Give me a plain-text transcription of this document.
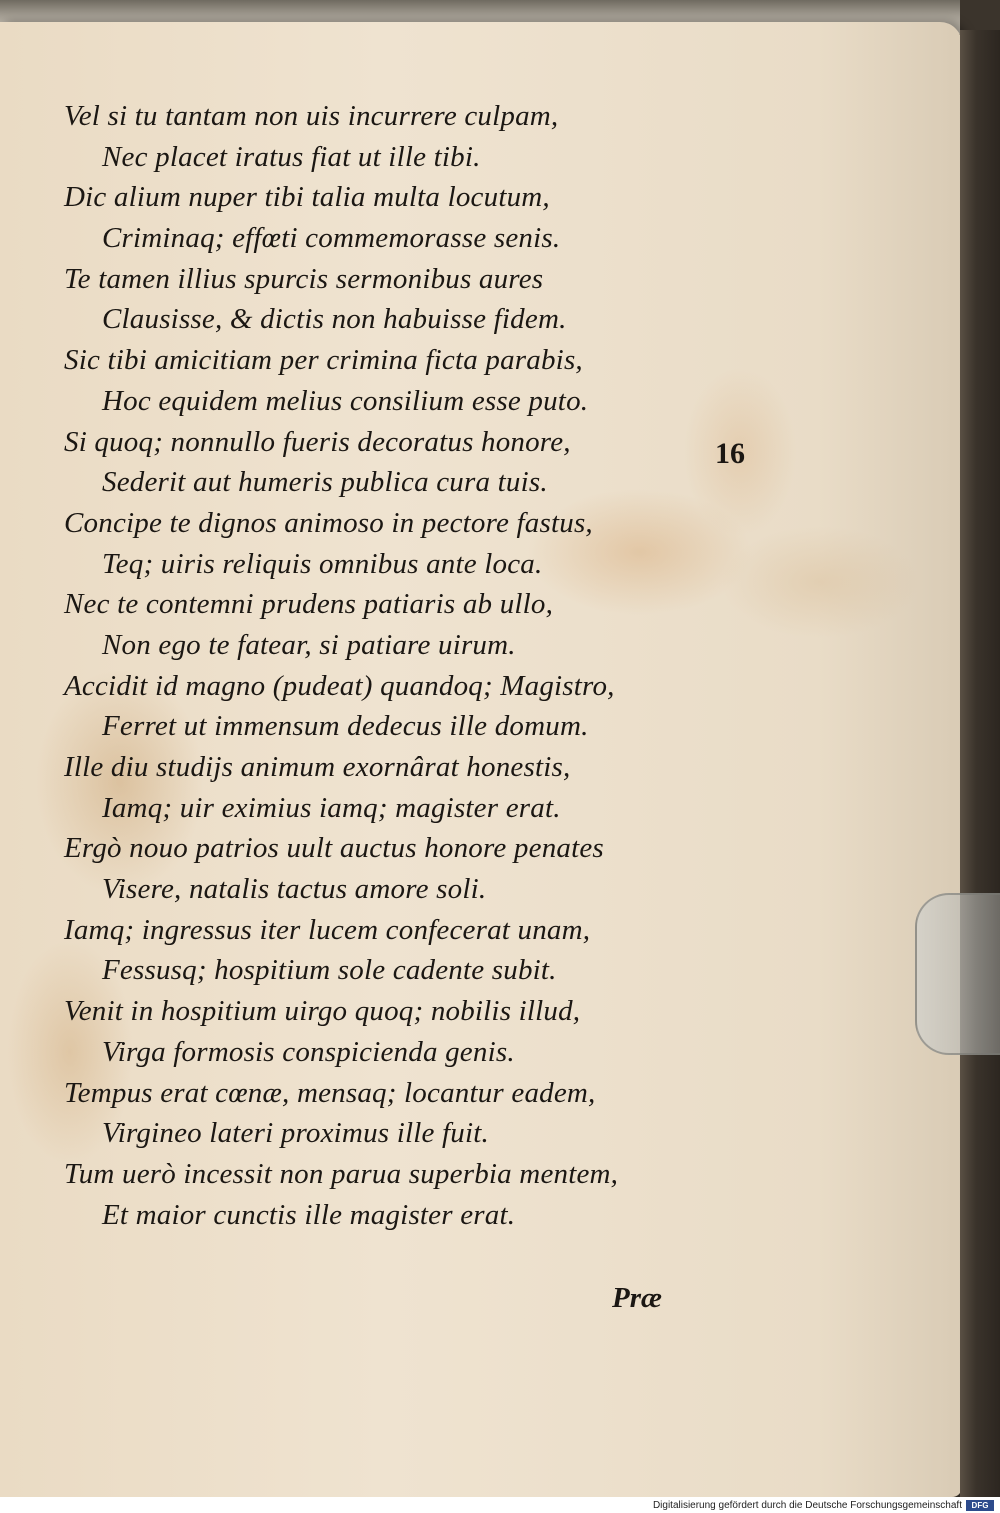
Vel si tu tantam non uis incurrere culpam,
Nec placet iratus fiat ut ille tibi.
Dic alium nuper tibi talia multa locutum,
Criminaq; effœti commemorasse senis.
Te tamen illius spurcis sermonibus aures
Clausisse, & dictis non habuisse fidem.
Sic tibi amicitiam per crimina ficta parabis,
Hoc equidem melius consilium esse puto.
Si quoq; nonnullo fueris decoratus honore,
Sederit aut humeris publica cura tuis.
Concipe te dignos animoso in pectore fastus,
Teq; uiris reliquis omnibus ante loca.
Nec te contemni prudens patiaris ab ullo,
Non ego te fatear, si patiare uirum.
Accidit id magno (pudeat) quandoq; Magistro,
Ferret ut immensum dedecus ille domum.
Ille diu studijs animum exornârat honestis,
Iamq; uir eximius iamq; magister erat.
Ergò nouo patrios uult auctus honore penates
Visere, natalis tactus amore soli.
Iamq; ingressus iter lucem confecerat unam,
Fessusq; hospitium sole cadente subit.
Venit in hospitium uirgo quoq; nobilis illud,
Virga formosis conspicienda genis.
Tempus erat cœnæ, mensaq; locantur eadem,
Virgineo lateri proximus ille fuit.
Tum uerò incessit non parua superbia mentem,
Et maior cunctis ille magister erat.
16
Præ
Digitalisierung gefördert durch die Deutsche Forschungsgemeinschaft	DFG
